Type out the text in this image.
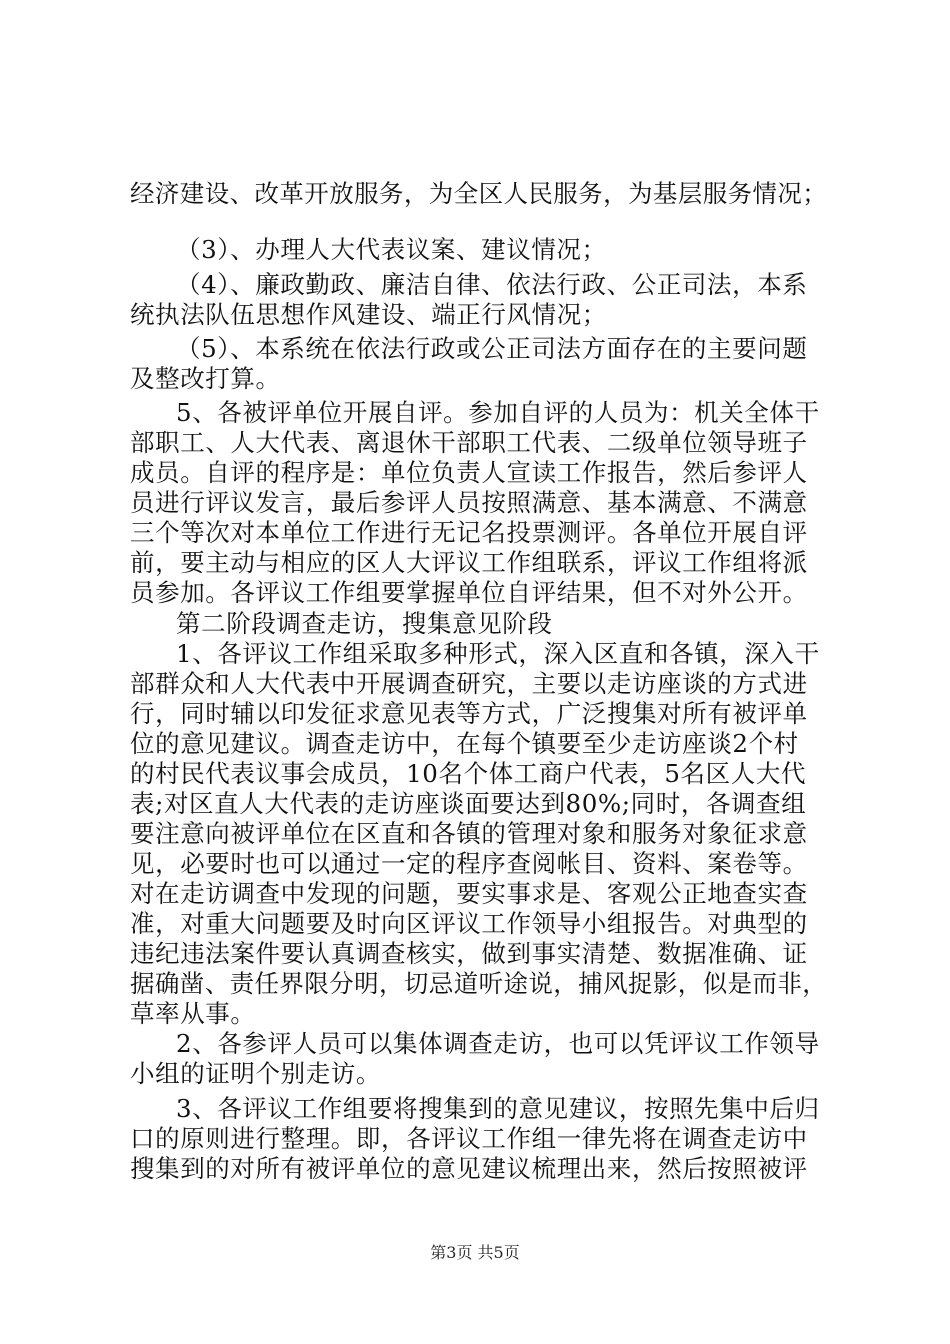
经济建设、改革开放服务，为全区人民服务，为基层服务情况；
（3）、办理人大代表议案、建议情况；
（4）、廉政勤政、廉洁自律、依法行政、公正司法，本系
统执法队伍思想作风建设、端正行风情况；
（5）、本系统在依法行政或公正司法方面存在的主要问题
及整改打算。
5、各被评单位开展自评。参加自评的人员为：机关全体干
部职工、人大代表、离退休干部职工代表、二级单位领导班子
成员。自评的程序是：单位负责人宣读工作报告，然后参评人
员进行评议发言，最后参评人员按照满意、基本满意、不满意
三个等次对本单位工作进行无记名投票测评。各单位开展自评
前，要主动与相应的区人大评议工作组联系，评议工作组将派
员参加。各评议工作组要掌握单位自评结果，但不对外公开。
第二阶段调查走访，搜集意见阶段
1、各评议工作组采取多种形式，深入区直和各镇，深入干
部群众和人大代表中开展调查研究，主要以走访座谈的方式进
行，同时辅以印发征求意见表等方式，广泛搜集对所有被评单
位的意见建议。调查走访中，在每个镇要至少走访座谈2个村
的村民代表议事会成员，10名个体工商户代表，5名区人大代
表;对区直人大代表的走访座谈面要达到80%;同时，各调查组
要注意向被评单位在区直和各镇的管理对象和服务对象征求意
见，必要时也可以通过一定的程序查阅帐目、资料、案卷等。
对在走访调查中发现的问题，要实事求是、客观公正地查实查
准，对重大问题要及时向区评议工作领导小组报告。对典型的
违纪违法案件要认真调查核实，做到事实清楚、数据准确、证
据确凿、责任界限分明，切忌道听途说，捕风捉影，似是而非，
草率从事。
2、各参评人员可以集体调查走访，也可以凭评议工作领导
小组的证明个别走访。
3、各评议工作组要将搜集到的意见建议，按照先集中后归
口的原则进行整理。即，各评议工作组一律先将在调查走访中
搜集到的对所有被评单位的意见建议梳理出来，然后按照被评
第3页 共5页
